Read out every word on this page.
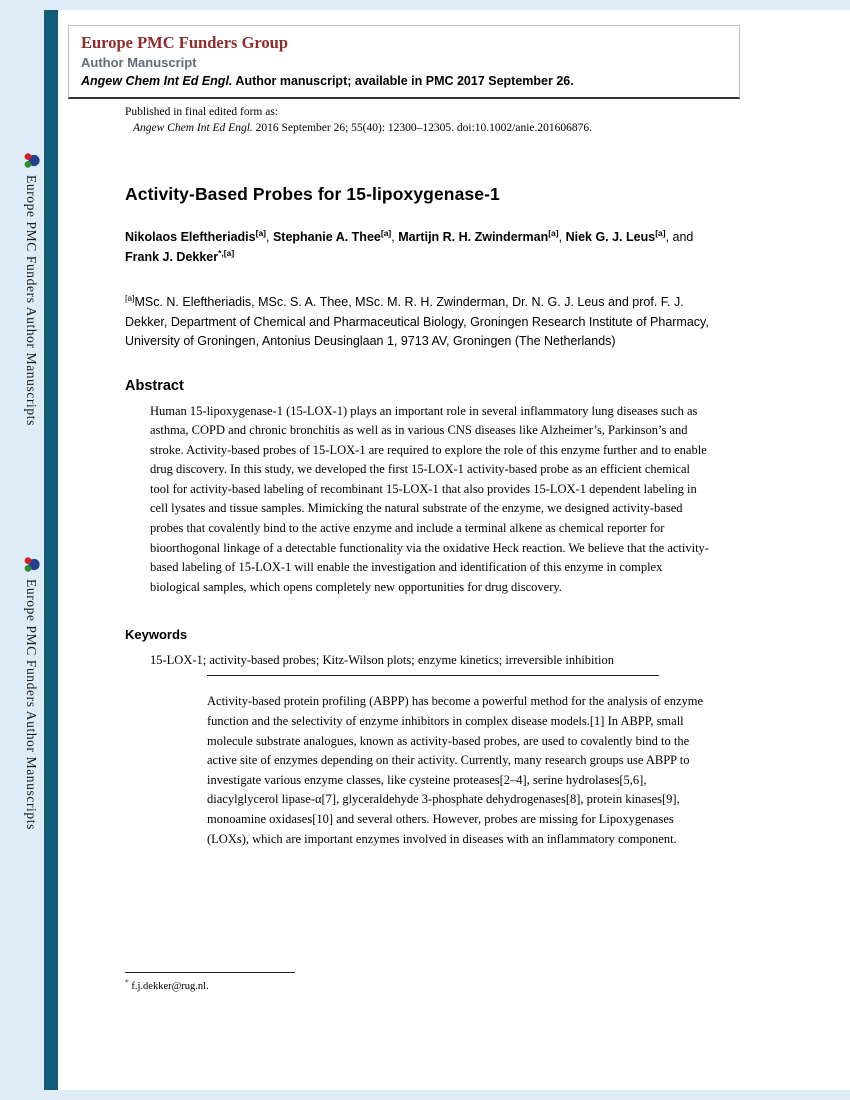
Europe PMC Funders Author Manuscripts
Europe PMC Funders Author Manuscripts
Europe PMC Funders Group
Author Manuscript
Angew Chem Int Ed Engl. Author manuscript; available in PMC 2017 September 26.
Published in final edited form as:
Angew Chem Int Ed Engl. 2016 September 26; 55(40): 12300–12305. doi:10.1002/anie.201606876.
Activity-Based Probes for 15-lipoxygenase-1

Nikolaos Eleftheriadis[a], Stephanie A. Thee[a], Martijn R. H. Zwinderman[a], Niek G. J. Leus[a], and Frank J. Dekker$^{*,[a]}$

[a]MSc. N. Eleftheriadis, MSc. S. A. Thee, MSc. M. R. H. Zwinderman, Dr. N. G. J. Leus and prof. F. J. Dekker, Department of Chemical and Pharmaceutical Biology, Groningen Research Institute of Pharmacy, University of Groningen, Antonius Deusinglaan 1, 9713 AV, Groningen (The Netherlands)

Abstract

Human 15-lipoxygenase-1 (15-LOX-1) plays an important role in several inflammatory lung diseases such as asthma, COPD and chronic bronchitis as well as in various CNS diseases like Alzheimer’s, Parkinson’s and stroke. Activity-based probes of 15-LOX-1 are required to explore the role of this enzyme further and to enable drug discovery. In this study, we developed the first 15-LOX-1 activity-based probe as an efficient chemical tool for activity-based labeling of recombinant 15-LOX-1 that also provides 15-LOX-1 dependent labeling in cell lysates and tissue samples. Mimicking the natural substrate of the enzyme, we designed activity-based probes that covalently bind to the active enzyme and include a terminal alkene as chemical reporter for bioorthogonal linkage of a detectable functionality via the oxidative Heck reaction. We believe that the activity-based labeling of 15-LOX-1 will enable the investigation and identification of this enzyme in complex biological samples, which opens completely new opportunities for drug discovery.

Keywords

15-LOX-1; activity-based probes; Kitz-Wilson plots; enzyme kinetics; irreversible inhibition

Activity-based protein profiling (ABPP) has become a powerful method for the analysis of enzyme function and the selectivity of enzyme inhibitors in complex disease models.[1] In ABPP, small molecule substrate analogues, known as activity-based probes, are used to covalently bind to the active site of enzymes depending on their activity. Currently, many research groups use ABPP to investigate various enzyme classes, like cysteine proteases[2–4], serine hydrolases[5,6], diacylglycerol lipase-α[7], glyceraldehyde 3-phosphate dehydrogenases[8], protein kinases[9], monoamine oxidases[10] and several others. However, probes are missing for Lipoxygenases (LOXs), which are important enzymes involved in diseases with an inflammatory component.

* f.j.dekker@rug.nl.
